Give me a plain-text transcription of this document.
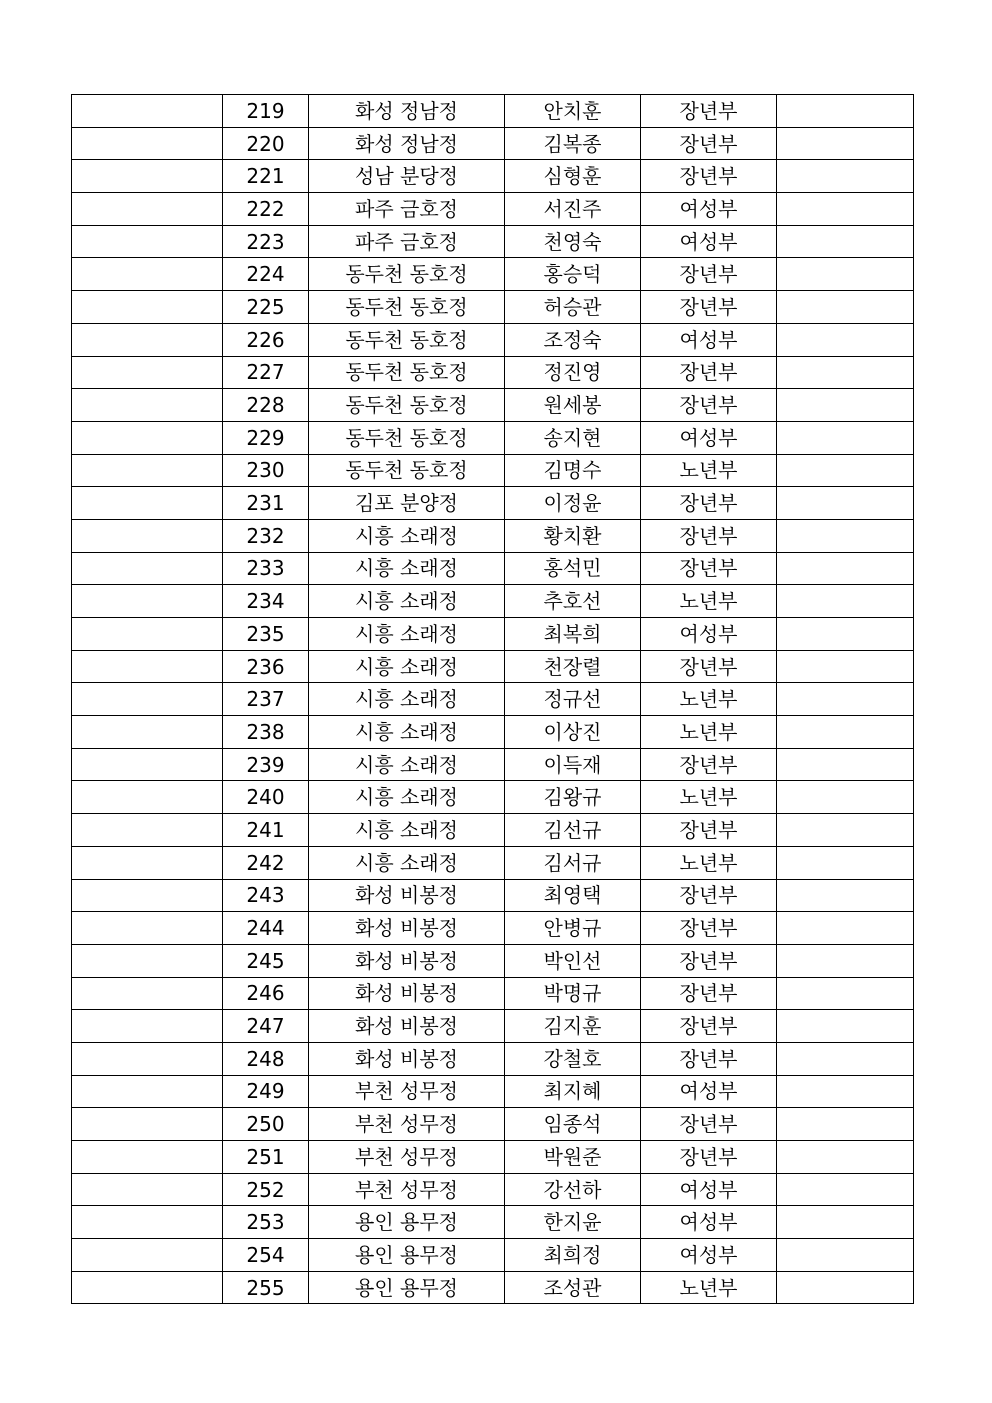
	219	화성 정남정	안치훈	장년부	
	220	화성 정남정	김복종	장년부	
	221	성남 분당정	심형훈	장년부	
	222	파주 금호정	서진주	여성부	
	223	파주 금호정	천영숙	여성부	
	224	동두천 동호정	홍승덕	장년부	
	225	동두천 동호정	허승관	장년부	
	226	동두천 동호정	조정숙	여성부	
	227	동두천 동호정	정진영	장년부	
	228	동두천 동호정	원세봉	장년부	
	229	동두천 동호정	송지현	여성부	
	230	동두천 동호정	김명수	노년부	
	231	김포 분양정	이정윤	장년부	
	232	시흥 소래정	황치환	장년부	
	233	시흥 소래정	홍석민	장년부	
	234	시흥 소래정	추호선	노년부	
	235	시흥 소래정	최복희	여성부	
	236	시흥 소래정	천장렬	장년부	
	237	시흥 소래정	정규선	노년부	
	238	시흥 소래정	이상진	노년부	
	239	시흥 소래정	이득재	장년부	
	240	시흥 소래정	김왕규	노년부	
	241	시흥 소래정	김선규	장년부	
	242	시흥 소래정	김서규	노년부	
	243	화성 비봉정	최영택	장년부	
	244	화성 비봉정	안병규	장년부	
	245	화성 비봉정	박인선	장년부	
	246	화성 비봉정	박명규	장년부	
	247	화성 비봉정	김지훈	장년부	
	248	화성 비봉정	강철호	장년부	
	249	부천 성무정	최지혜	여성부	
	250	부천 성무정	임종석	장년부	
	251	부천 성무정	박원준	장년부	
	252	부천 성무정	강선하	여성부	
	253	용인 용무정	한지윤	여성부	
	254	용인 용무정	최희정	여성부	
	255	용인 용무정	조성관	노년부	
